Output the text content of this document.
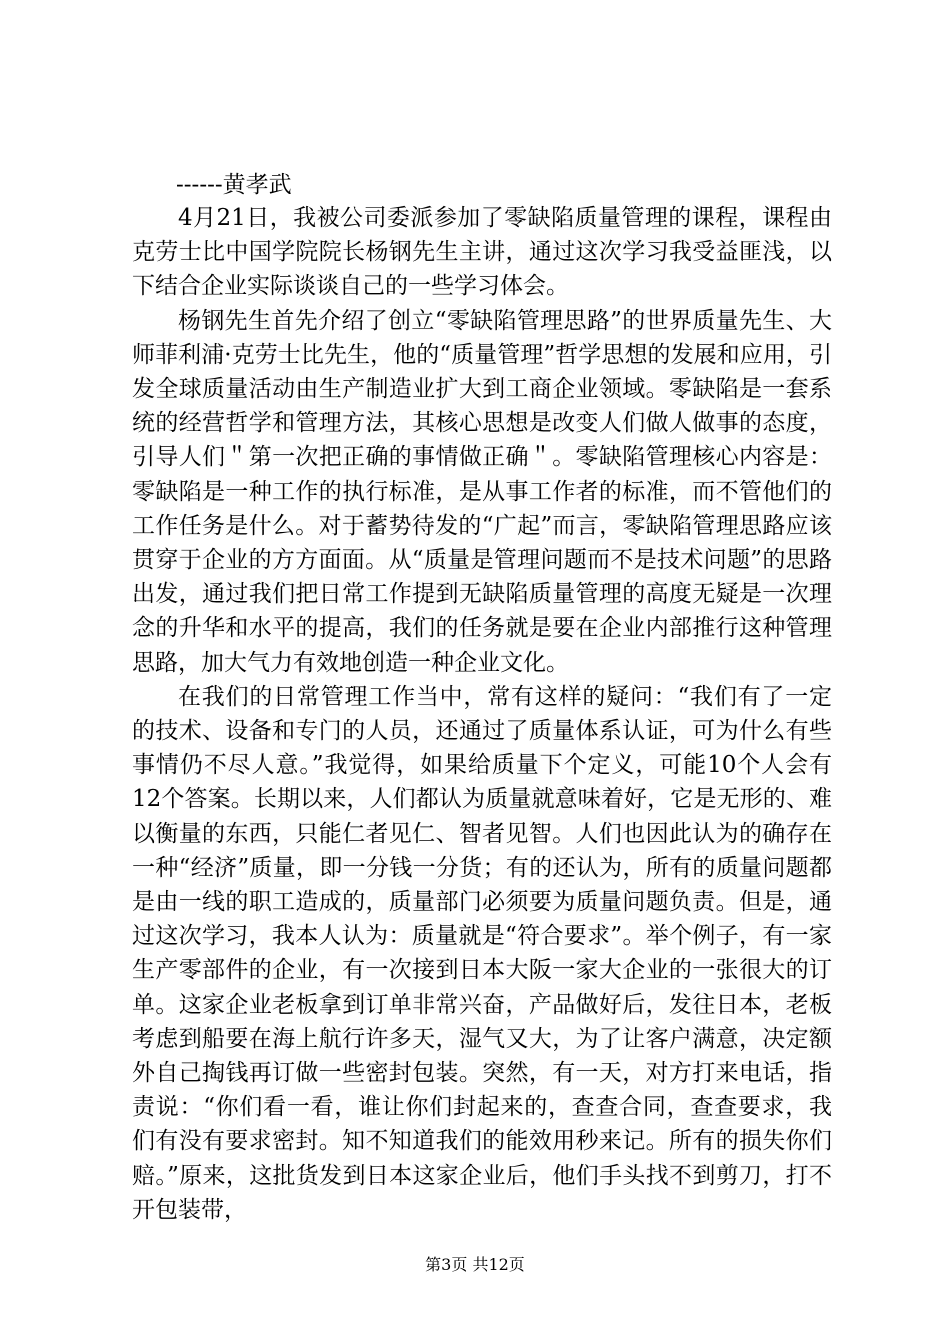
------黄孝武

4月21日，我被公司委派参加了零缺陷质量管理的课程，课程由克劳士比中国学院院长杨钢先生主讲，通过这次学习我受益匪浅，以下结合企业实际谈谈自己的一些学习体会。

杨钢先生首先介绍了创立“零缺陷管理思路”的世界质量先生、大师菲利浦·克劳士比先生，他的“质量管理”哲学思想的发展和应用，引发全球质量活动由生产制造业扩大到工商企业领域。零缺陷是一套系统的经营哲学和管理方法，其核心思想是改变人们做人做事的态度，引导人们＂第一次把正确的事情做正确＂。零缺陷管理核心内容是：零缺陷是一种工作的执行标准，是从事工作者的标准，而不管他们的工作任务是什么。对于蓄势待发的“广起”而言，零缺陷管理思路应该贯穿于企业的方方面面。从“质量是管理问题而不是技术问题”的思路出发，通过我们把日常工作提到无缺陷质量管理的高度无疑是一次理念的升华和水平的提高，我们的任务就是要在企业内部推行这种管理思路，加大气力有效地创造一种企业文化。

在我们的日常管理工作当中，常有这样的疑问：“我们有了一定的技术、设备和专门的人员，还通过了质量体系认证，可为什么有些事情仍不尽人意。”我觉得，如果给质量下个定义，可能10个人会有12个答案。长期以来，人们都认为质量就意味着好，它是无形的、难以衡量的东西，只能仁者见仁、智者见智。人们也因此认为的确存在一种“经济”质量，即一分钱一分货；有的还认为，所有的质量问题都是由一线的职工造成的，质量部门必须要为质量问题负责。但是，通过这次学习，我本人认为：质量就是“符合要求”。举个例子，有一家生产零部件的企业，有一次接到日本大阪一家大企业的一张很大的订单。这家企业老板拿到订单非常兴奋，产品做好后，发往日本，老板考虑到船要在海上航行许多天，湿气又大，为了让客户满意，决定额外自己掏钱再订做一些密封包装。突然，有一天，对方打来电话，指责说：“你们看一看，谁让你们封起来的，查查合同，查查要求，我们有没有要求密封。知不知道我们的能效用秒来记。所有的损失你们赔。”原来，这批货发到日本这家企业后，他们手头找不到剪刀，打不开包装带，

第3页 共12页
